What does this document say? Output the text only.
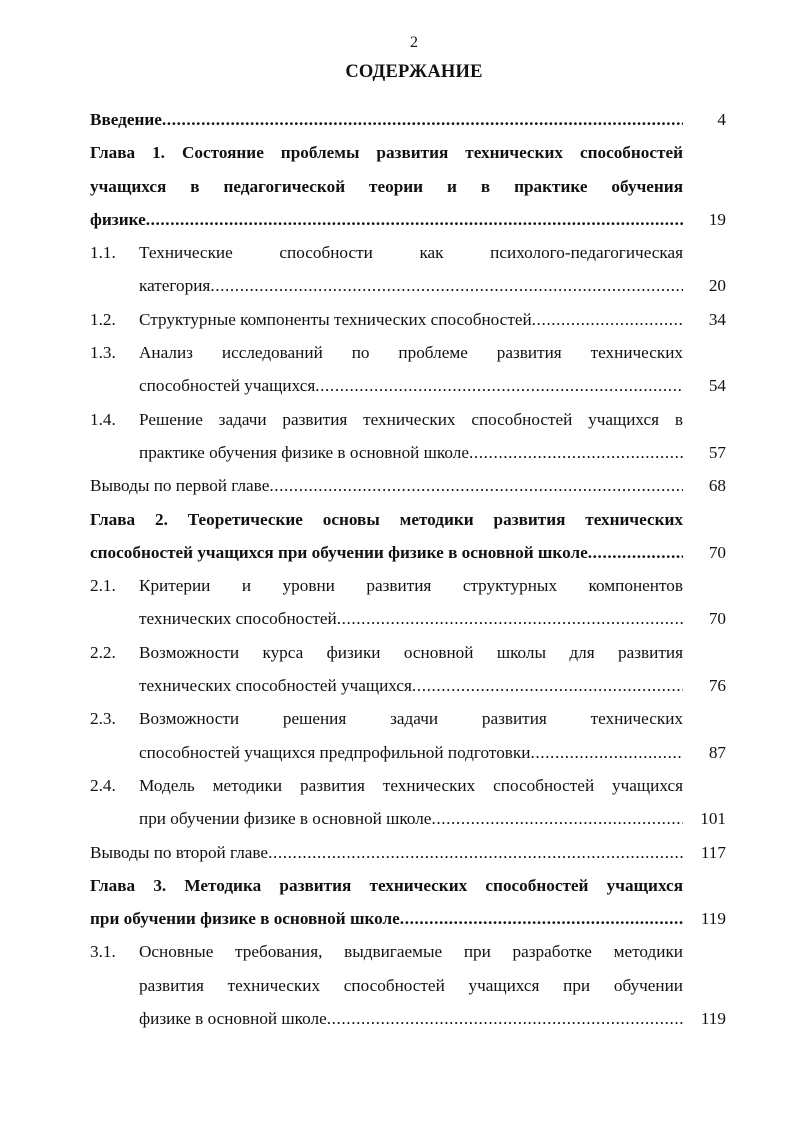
2
СОДЕРЖАНИЕ
Введение .....	4
Глава 1. Состояние проблемы развития технических способностей
учащихся в педагогической теории и в практике обучения
физике .....	19
1.1. Технические способности как психолого-педагогическая
категория .....	20
1.2. Структурные компоненты технических способностей .....	34
1.3. Анализ исследований по проблеме развития технических
способностей учащихся .....	54
1.4. Решение задачи развития технических способностей учащихся в
практике обучения физике в основной школе .....	57
Выводы по первой главе .....	68
Глава 2. Теоретические основы методики развития технических
способностей учащихся при обучении физике в основной школе .....	70
2.1. Критерии и уровни развития структурных компонентов
технических способностей .....	70
2.2. Возможности курса физики основной школы для развития
технических способностей учащихся .....	76
2.3. Возможности решения задачи развития технических
способностей учащихся предпрофильной подготовки .....	87
2.4. Модель методики развития технических способностей учащихся
при обучении физике в основной школе .....	101
Выводы по второй главе .....	117
Глава 3. Методика развития технических способностей учащихся
при обучении физике в основной школе .....	119
3.1. Основные требования, выдвигаемые при разработке методики
развития технических способностей учащихся при обучении
физике в основной школе .....	119
